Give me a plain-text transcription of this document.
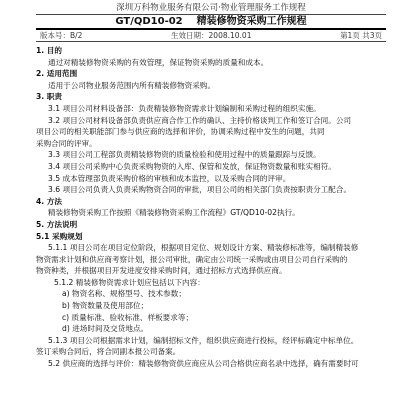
深圳万科物业服务有限公司·物业管理服务工作规程
GT/QD10-02 精装修物资采购工作规程
版本号：B/2	生效日期：2008.10.01	第1页 共3页
1. 目的
通过对精装修物资采购的有效管理，保证物资采购的质量和成本。
2. 适用范围
适用于公司物业服务范围内所有精装修物资采购。
3. 职责
3.1 项目公司材料设备部：负责精装修物资需求计划编制和采购过程的组织实施。
3.2 项目公司材料设备部负责供应商合作工作的确认、主持价格谈判工作和签订合同。公司
项目公司的相关职能部门参与供应商的选择和评价，协调采购过程中发生的问题，共同
采购合同的评审。
3.3 项目公司工程部负责精装修物资的质量检验和使用过程中的质量跟踪与反馈。
3.4 项目公司采购中心负责采购物资的入库、保管和发放，保证物资数量和账实相符。
3.5 成本管理部负责采购价格的审核和成本监控，以及采购合同的评审。
3.6 项目公司负责人负责采购物资合同的审批，项目公司的相关部门负责按职责分工配合。
4. 方法
精装修物资采购工作按照《精装修物资采购工作流程》GT/QD10-02执行。
5. 方法说明
5.1 采购规划
5.1.1 项目公司在项目定位阶段，根据项目定位、规划设计方案、精装修标准等，编制精装修
物资需求计划和供应商考察计划，报公司审批，确定由公司统一采购或由项目公司自行采购的
物资种类，并根据项目开发进度安排采购时间，通过招标方式选择供应商。
5.1.2 精装修物资需求计划应包括以下内容：
a) 物资名称、规格型号、技术参数；
b) 物资数量及使用部位；
c) 质量标准、验收标准、样板要求等；
d) 进场时间及交货地点。
5.1.3 项目公司根据需求计划，编制招标文件，组织供应商进行投标，经评标确定中标单位。
签订采购合同后，将合同副本报公司备案。
5.2 供应商的选择与评价：精装修物资供应商应从公司合格供应商名录中选择，确有需要时可
